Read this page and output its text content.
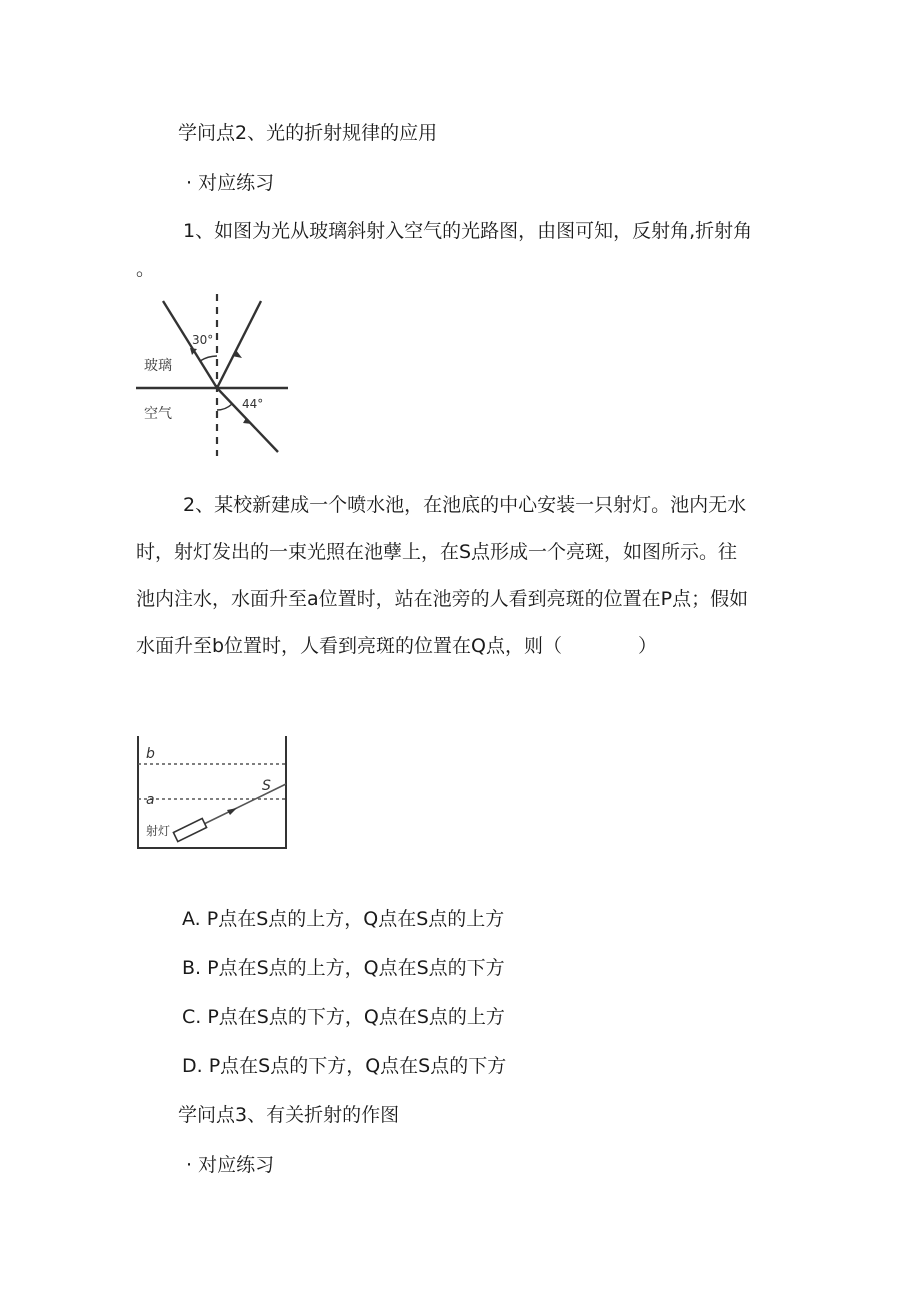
学问点2、光的折射规律的应用

· 对应练习

1、如图为光从玻璃斜射入空气的光路图，由图可知，反射角,折射角

。

30°
44°
玻璃
空气

2、某校新建成一个喷水池，在池底的中心安装一只射灯。池内无水

时，射灯发出的一束光照在池孽上，在S点形成一个亮斑，如图所示。往

池内注水，水面升至a位置时，站在池旁的人看到亮斑的位置在P点；假如

水面升至b位置时，人看到亮斑的位置在Q点，则（　　　　）

b
a
S
射灯

A. P点在S点的上方，Q点在S点的上方

B. P点在S点的上方，Q点在S点的下方

C. P点在S点的下方，Q点在S点的上方

D. P点在S点的下方，Q点在S点的下方

学问点3、有关折射的作图

· 对应练习
